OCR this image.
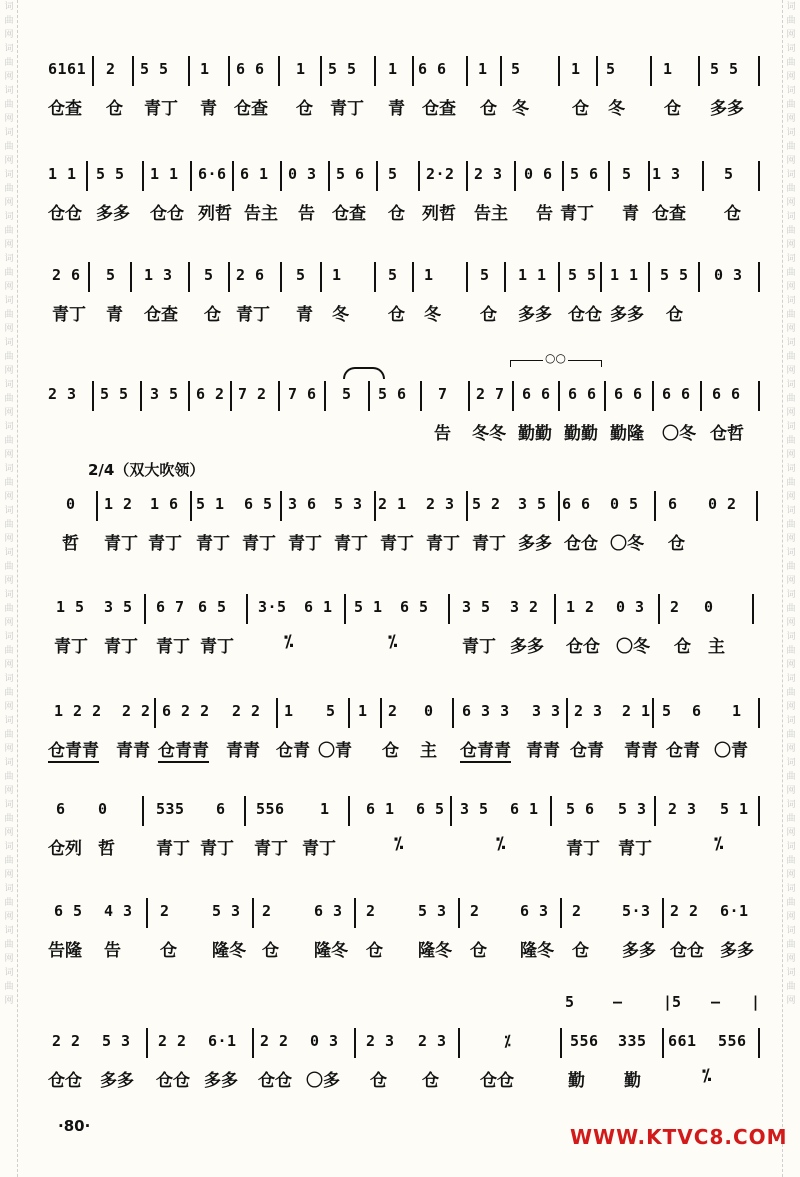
词曲网词曲网词曲网词曲网词曲网词曲网词曲网词曲网词曲网词曲网词曲网词曲网词曲网词曲网词曲网词曲网词曲网词曲网词曲网词曲网词曲网词曲网词曲网词曲网
词曲网词曲网词曲网词曲网词曲网词曲网词曲网词曲网词曲网词曲网词曲网词曲网词曲网词曲网词曲网词曲网词曲网词曲网词曲网词曲网词曲网词曲网词曲网词曲网
6161 2 5 5 1 6 6 1 5 5 1 6 6 1 5	1 5	1 5 5
仓查 仓 青丁 青 仓查 仓 青丁 青 仓查 仓 冬	仓 冬 仓 多多
1 1 5 5 1 1 6·6 6 1 0 3 5 6 5 2·2 2 3 0 6 5 6 5 1 3	5
仓仓 多多 仓仓 列哲 告主 告 仓查 仓 列哲 告主 告 青丁 青 仓查 仓
2 6 5 1 3 5 2 6 5 1	5 1	5 1 1 5 5 1 1 5 5 0 3
青丁 青 仓查 仓 青丁 青 冬 仓 冬 仓 多多 仓仓 多多 仓
2 3 5 5 3 5 6 2 7 2 7 6 5 5 6 7 2 7 6 6 6 6 6 6 6 6 6 6
告 冬冬 勤勤 勤勤 勤隆 〇冬 仓哲
0 1 2 1 6 5 1 6 5 3 6 5 3 2 1 2 3 5 2 3 5 6 6 0 5 6 0 2
哲 青丁 青丁 青丁 青丁 青丁 青丁 青丁 青丁 青丁 多多 仓仓 〇冬 仓
1 5 3 5 6 7 6 5 3·5 6 1 5 1 6 5 3 5 3 2 1 2 0 3 2 0
青丁 青丁 青丁 青丁	⁒	⁒	青丁 多多 仓仓 〇冬 仓 主
1 2 2 2 2 6 2 2 2 2 1 5 1 2 0 6 3 3 3 3 2 3 2 1 5 6 1
仓青青 青青 仓青青 青青 仓青 〇青 仓 主 仓青青 青青 仓青 青青 仓青 〇青
6 0	535 6 556 1 6 1 6 5 3 5 6 1 5 6 5 3 2 3 5 1
仓列 哲 青丁 青丁 青丁 青丁	⁒	⁒	青丁 青丁	⁒
6 5 4 3 2	5 3 2	6 3 2	5 3 2	6 3 2	5·3 2 2 6·1
告隆 告 仓 隆冬 仓 隆冬 仓 隆冬 仓 隆冬 仓 多多 仓仓 多多
2 2 5 3 2 2 6·1 2 2 0 3 2 3 2 3	⁒	556 335 661 556
仓仓 多多 仓仓 多多 仓仓 〇多 仓 仓 仓仓	勤 勤	⁒
2/4（双大吹领）
○○
5	—	|5 — |
·80·	WWW.KTVC8.COM
